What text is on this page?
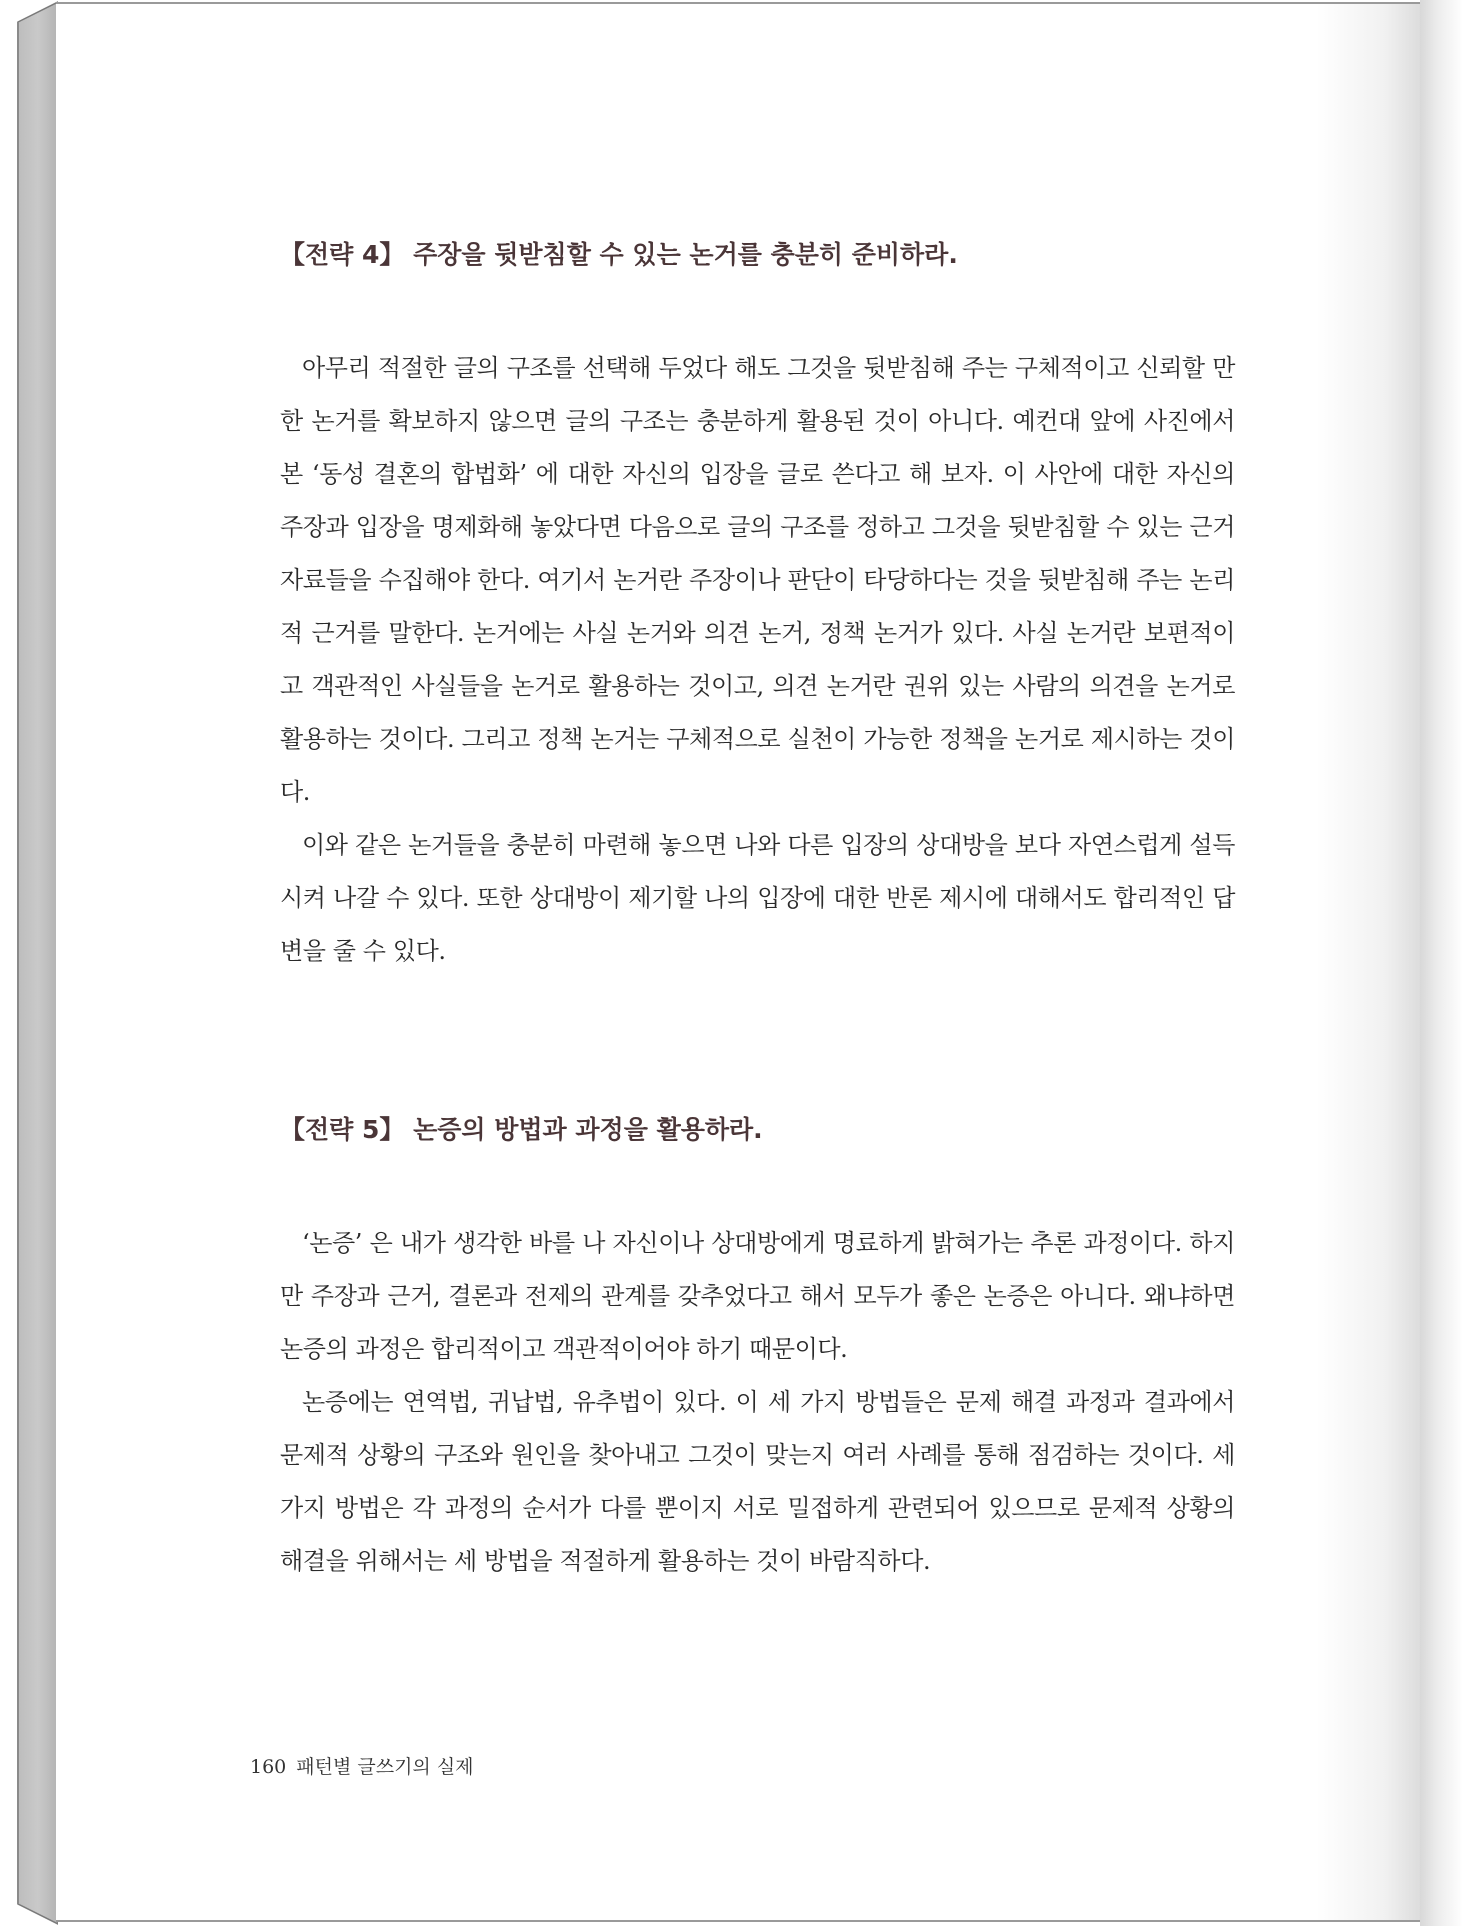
【전략 4】 주장을 뒷받침할 수 있는 논거를 충분히 준비하라.

아무리 적절한 글의 구조를 선택해 두었다 해도 그것을 뒷받침해 주는 구체적이고 신뢰할 만한 논거를 확보하지 않으면 글의 구조는 충분하게 활용된 것이 아니다. 예컨대 앞에 사진에서 본 ‘동성 결혼의 합법화’ 에 대한 자신의 입장을 글로 쓴다고 해 보자. 이 사안에 대한 자신의 주장과 입장을 명제화해 놓았다면 다음으로 글의 구조를 정하고 그것을 뒷받침할 수 있는 근거 자료들을 수집해야 한다. 여기서 논거란 주장이나 판단이 타당하다는 것을 뒷받침해 주는 논리적 근거를 말한다. 논거에는 사실 논거와 의견 논거, 정책 논거가 있다. 사실 논거란 보편적이고 객관적인 사실들을 논거로 활용하는 것이고, 의견 논거란 권위 있는 사람의 의견을 논거로 활용하는 것이다. 그리고 정책 논거는 구체적으로 실천이 가능한 정책을 논거로 제시하는 것이다.

이와 같은 논거들을 충분히 마련해 놓으면 나와 다른 입장의 상대방을 보다 자연스럽게 설득시켜 나갈 수 있다. 또한 상대방이 제기할 나의 입장에 대한 반론 제시에 대해서도 합리적인 답변을 줄 수 있다.

【전략 5】 논증의 방법과 과정을 활용하라.

‘논증’ 은 내가 생각한 바를 나 자신이나 상대방에게 명료하게 밝혀가는 추론 과정이다. 하지만 주장과 근거, 결론과 전제의 관계를 갖추었다고 해서 모두가 좋은 논증은 아니다. 왜냐하면 논증의 과정은 합리적이고 객관적이어야 하기 때문이다.

논증에는 연역법, 귀납법, 유추법이 있다. 이 세 가지 방법들은 문제 해결 과정과 결과에서 문제적 상황의 구조와 원인을 찾아내고 그것이 맞는지 여러 사례를 통해 점검하는 것이다. 세 가지 방법은 각 과정의 순서가 다를 뿐이지 서로 밀접하게 관련되어 있으므로 문제적 상황의 해결을 위해서는 세 방법을 적절하게 활용하는 것이 바람직하다.

160 패턴별 글쓰기의 실제
